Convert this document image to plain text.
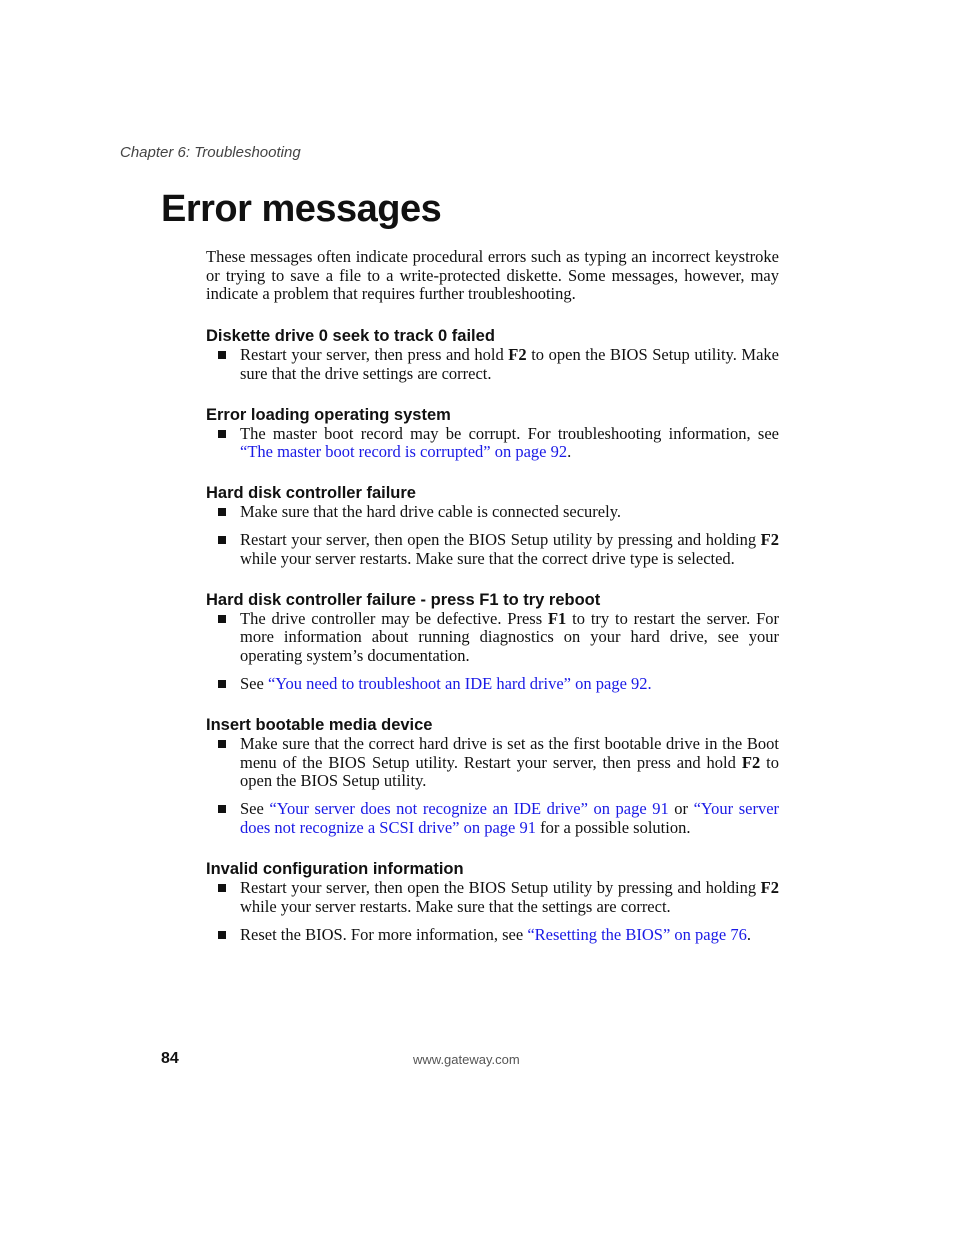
Chapter 6: Troubleshooting
Error messages

These messages often indicate procedural errors such as typing an incorrect keystroke or trying to save a file to a write-protected diskette. Some messages, however, may indicate a problem that requires further troubleshooting.

Diskette drive 0 seek to track 0 failed
Restart your server, then press and hold F2 to open the BIOS Setup utility. Make sure that the drive settings are correct.
Error loading operating system
The master boot record may be corrupt. For troubleshooting information, see “The master boot record is corrupted” on page 92.
Hard disk controller failure
Make sure that the hard drive cable is connected securely.
Restart your server, then open the BIOS Setup utility by pressing and holding F2 while your server restarts. Make sure that the correct drive type is selected.
Hard disk controller failure - press F1 to try reboot
The drive controller may be defective. Press F1 to try to restart the server. For more information about running diagnostics on your hard drive, see your operating system’s documentation.
See “You need to troubleshoot an IDE hard drive” on page 92.
Insert bootable media device
Make sure that the correct hard drive is set as the first bootable drive in the Boot menu of the BIOS Setup utility. Restart your server, then press and hold F2 to open the BIOS Setup utility.
See “Your server does not recognize an IDE drive” on page 91 or “Your server does not recognize a SCSI drive” on page 91 for a possible solution.
Invalid configuration information
Restart your server, then open the BIOS Setup utility by pressing and holding F2 while your server restarts. Make sure that the settings are correct.
Reset the BIOS. For more information, see “Resetting the BIOS” on page 76.
84	www.gateway.com
